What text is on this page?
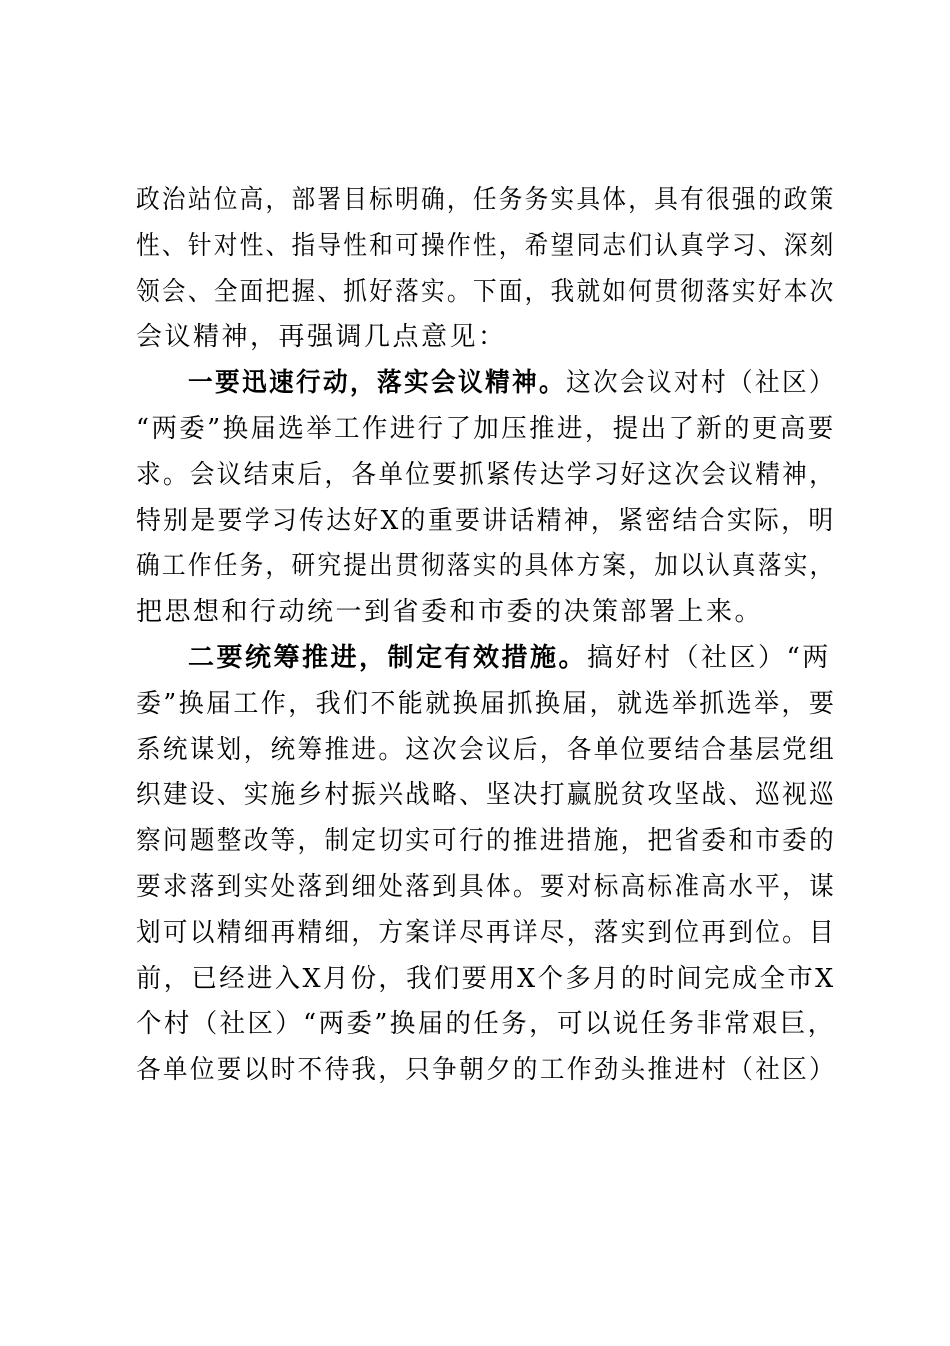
政治站位高，部署目标明确，任务务实具体，具有很强的政策
性、针对性、指导性和可操作性，希望同志们认真学习、深刻
领会、全面把握、抓好落实。下面，我就如何贯彻落实好本次
会议精神，再强调几点意见：
一要迅速行动，落实会议精神。这次会议对村（社区）
“两委”换届选举工作进行了加压推进，提出了新的更高要
求。会议结束后，各单位要抓紧传达学习好这次会议精神，
特别是要学习传达好X的重要讲话精神，紧密结合实际，明
确工作任务，研究提出贯彻落实的具体方案，加以认真落实，
把思想和行动统一到省委和市委的决策部署上来。
二要统筹推进，制定有效措施。搞好村（社区）“两
委”换届工作，我们不能就换届抓换届，就选举抓选举，要
系统谋划，统筹推进。这次会议后，各单位要结合基层党组
织建设、实施乡村振兴战略、坚决打赢脱贫攻坚战、巡视巡
察问题整改等，制定切实可行的推进措施，把省委和市委的
要求落到实处落到细处落到具体。要对标高标准高水平，谋
划可以精细再精细，方案详尽再详尽，落实到位再到位。目
前，已经进入X月份，我们要用X个多月的时间完成全市X
个村（社区）“两委”换届的任务，可以说任务非常艰巨，
各单位要以时不待我，只争朝夕的工作劲头推进村（社区）
